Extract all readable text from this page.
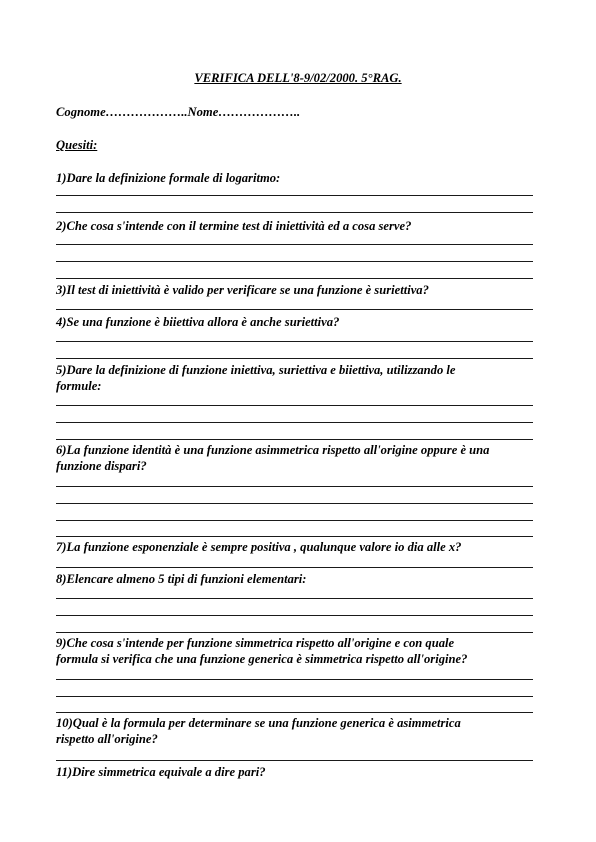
VERIFICA DELL'8-9/02/2000. 5°RAG.

Cognome………………..Nome………………..

Quesiti:

1)Dare la definizione formale di logaritmo:

2)Che cosa s'intende con il termine test di iniettività ed a cosa serve?

3)Il test di iniettività è valido per verificare se una funzione è suriettiva?

4)Se una funzione è biiettiva allora è anche suriettiva?

5)Dare la definizione di funzione iniettiva, suriettiva e biiettiva, utilizzando le

formule:

6)La funzione identità è una funzione asimmetrica rispetto all'origine oppure è una

funzione dispari?

7)La funzione esponenziale è sempre positiva , qualunque valore io dia alle x?

8)Elencare almeno 5 tipi di funzioni elementari:

9)Che cosa s'intende per funzione simmetrica rispetto all'origine e con quale

formula si verifica che una funzione generica è simmetrica rispetto all'origine?

10)Qual è la formula per determinare se una funzione generica è asimmetrica

rispetto all'origine?

11)Dire simmetrica equivale a dire pari?
